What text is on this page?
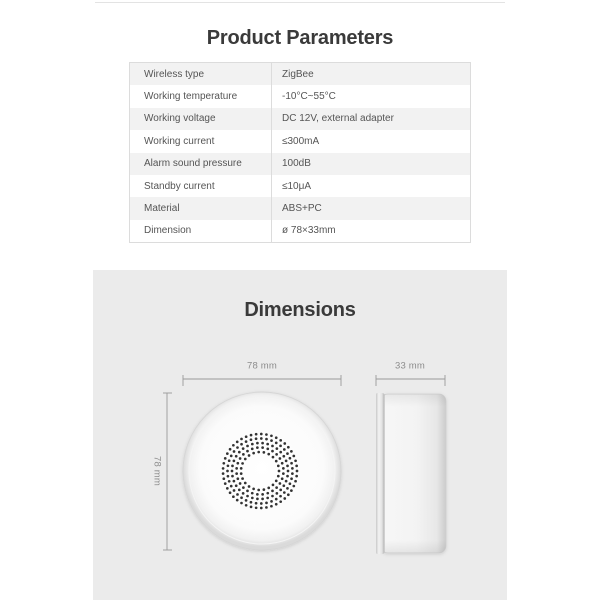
Product Parameters
Wireless type	ZigBee
Working temperature	-10°C~55°C
Working voltage	DC 12V, external adapter
Working current	≤300mA
Alarm sound pressure	100dB
Standby current	≤10μA
Material	ABS+PC
Dimension	ø 78×33mm
Dimensions
78 mm
78 mm
33 mm
